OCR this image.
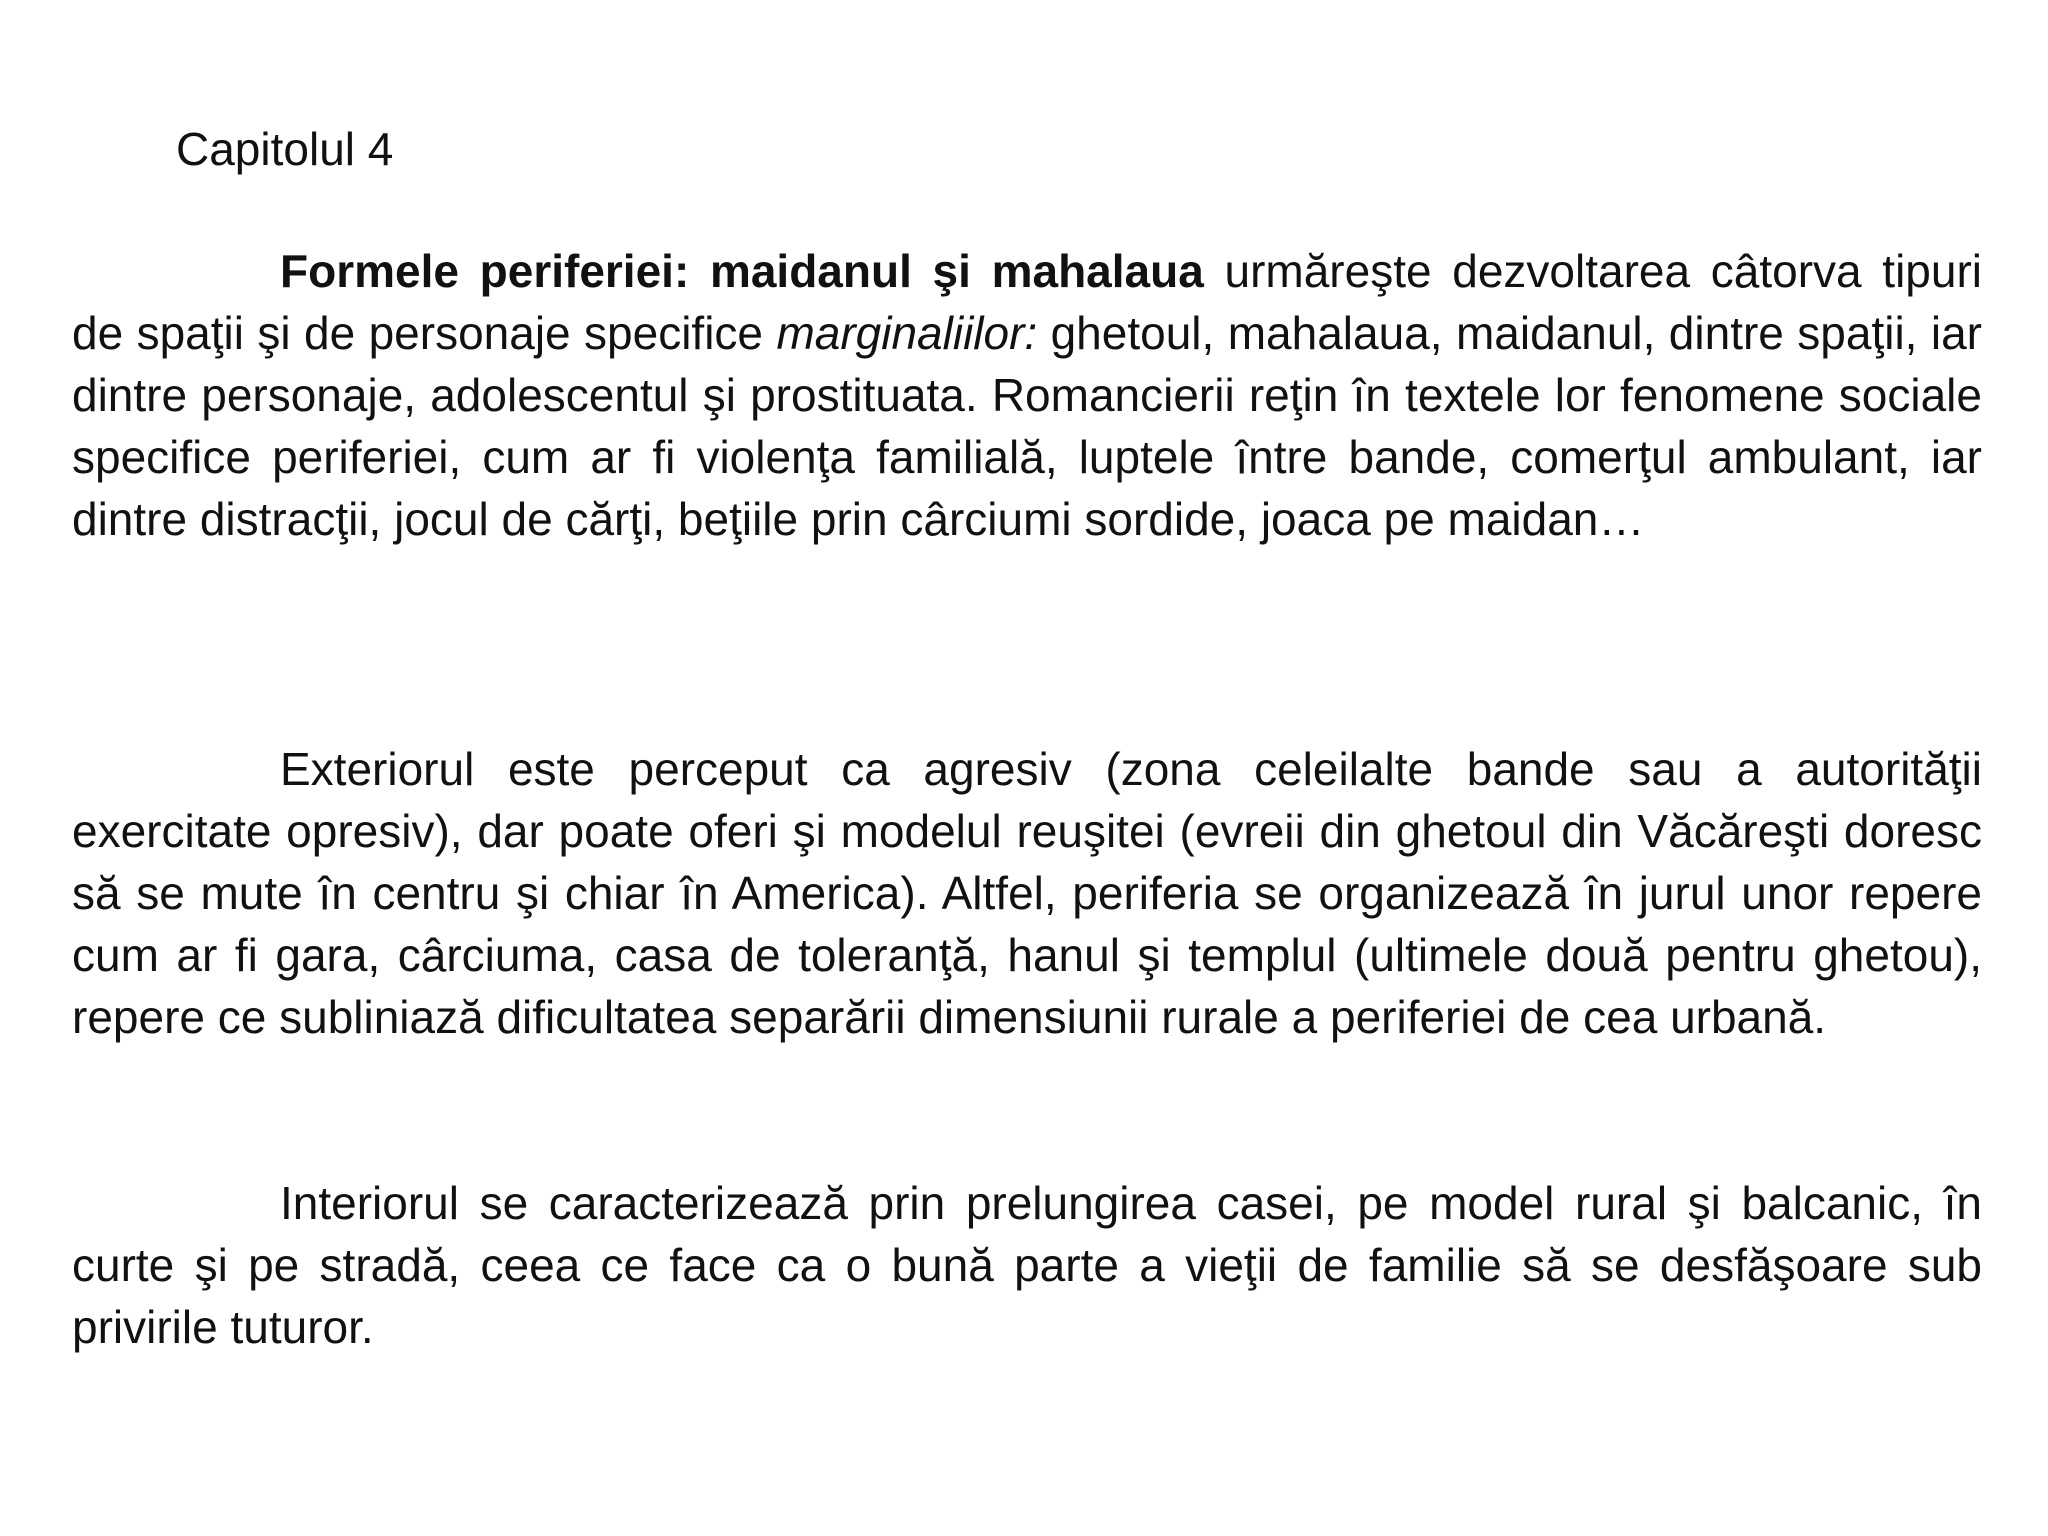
Capitolul 4

Formele periferiei: maidanul şi mahalaua urmăreşte dezvoltarea câtorva tipuri de spaţii şi de personaje specifice marginaliilor: ghetoul, mahalaua, maidanul, dintre spaţii, iar dintre personaje, adolescentul şi prostituata. Romancierii reţin în textele lor fenomene sociale specifice periferiei, cum ar fi violenţa familială, luptele între bande, comerţul ambulant, iar dintre distracţii, jocul de cărţi, beţiile prin cârciumi sordide, joaca pe maidan…

Exteriorul este perceput ca agresiv (zona celeilalte bande sau a autorităţii exercitate opresiv), dar poate oferi şi modelul reuşitei (evreii din ghetoul din Văcăreşti doresc să se mute în centru şi chiar în America). Altfel, periferia se organizează în jurul unor repere cum ar fi gara, cârciuma, casa de toleranţă, hanul şi templul (ultimele două pentru ghetou), repere ce subliniază dificultatea separării dimensiunii rurale a periferiei de cea urbană.

Interiorul se caracterizează prin prelungirea casei, pe model rural şi balcanic, în curte şi pe stradă, ceea ce face ca o bună parte a vieţii de familie să se desfăşoare sub privirile tuturor.
